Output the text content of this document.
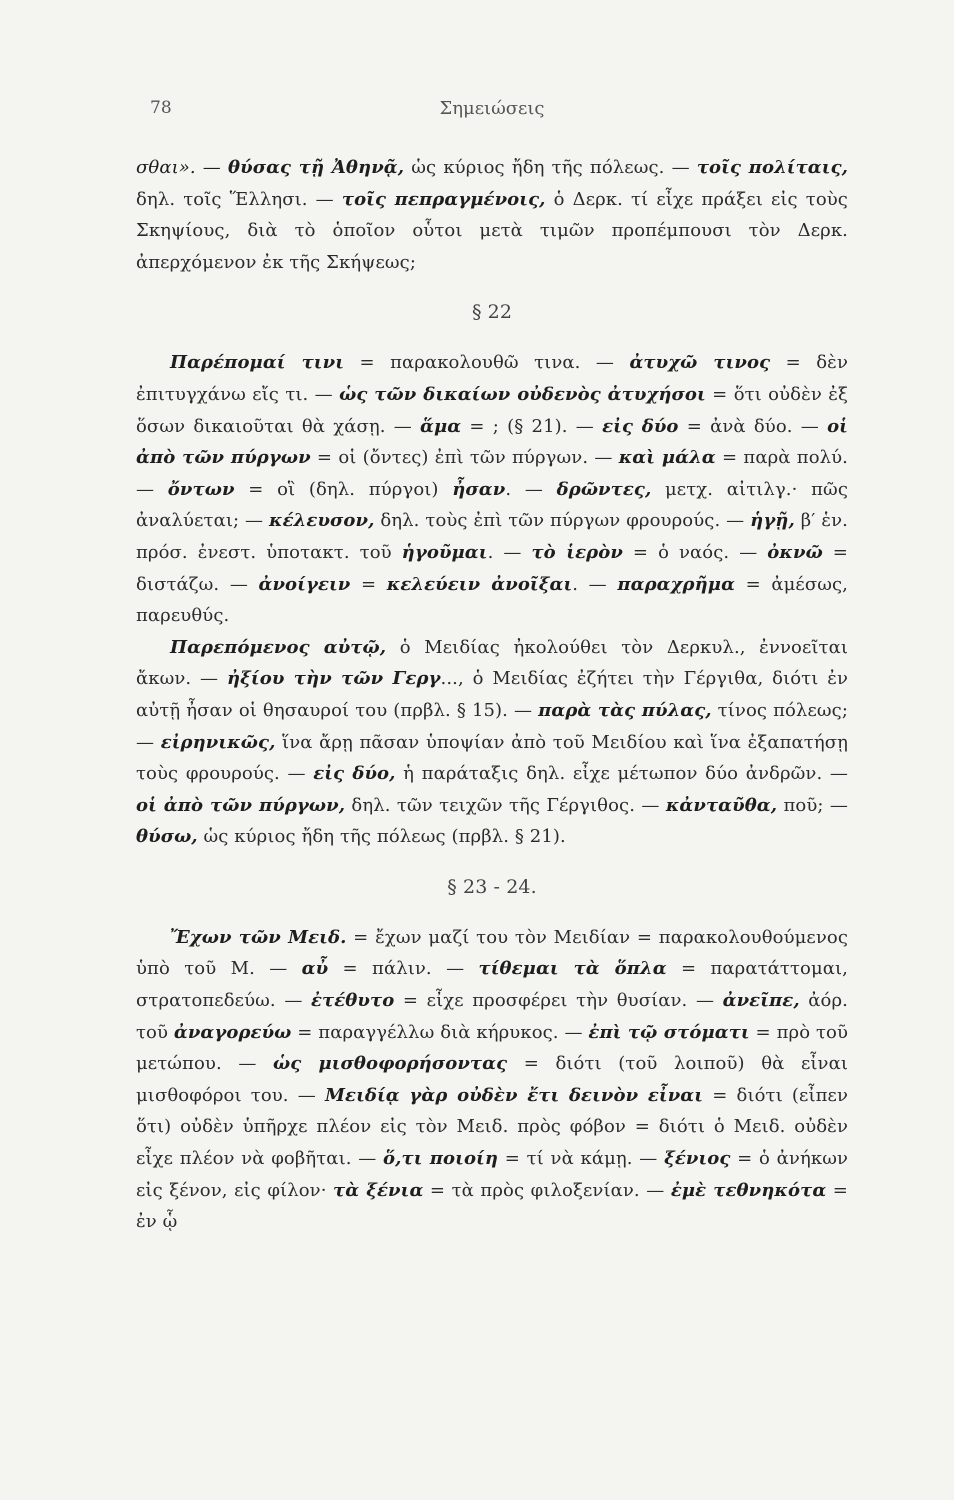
78	Σημειώσεις

σθαι». — θύσας τῇ Ἀθηνᾷ, ὡς κύριος ἤδη τῆς πόλεως. — τοῖς πολίταις, δηλ. τοῖς Ἕλλησι. — τοῖς πεπραγμένοις, ὁ Δερκ. τί εἶχε πράξει εἰς τοὺς Σκηψίους, διὰ τὸ ὁποῖον οὗτοι μετὰ τιμῶν προπέμπουσι τὸν Δερκ. ἀπερχόμενον ἐκ τῆς Σκήψεως;

§ 22

Παρέπομαί τινι = παρακολουθῶ τινα. — ἀτυχῶ τινος = δὲν ἐπιτυγχάνω εἴς τι. — ὡς τῶν δικαίων οὐδενὸς ἀτυχήσοι = ὅτι οὐδὲν ἐξ ὅσων δικαιοῦται θὰ χάσῃ. — ἅμα = ; (§ 21). — εἰς δύο = ἀνὰ δύο. — οἱ ἀπὸ τῶν πύργων = οἱ (ὄντες) ἐπὶ τῶν πύργων. — καὶ μάλα = παρὰ πολύ. — ὄντων = οἳ (δηλ. πύργοι) ἦσαν. — δρῶντες, μετχ. αἰτιλγ.· πῶς ἀναλύεται; — κέλευσον, δηλ. τοὺς ἐπὶ τῶν πύργων φρουρούς. — ἡγῇ, β′ ἑν. πρόσ. ἐνεστ. ὑποτακτ. τοῦ ἡγοῦμαι. — τὸ ἱερὸν = ὁ ναός. — ὀκνῶ = διστάζω. — ἀνοίγειν = κελεύειν ἀνοῖξαι. — παραχρῆμα = ἀμέσως, παρευθύς.

Παρεπόμενος αὐτῷ, ὁ Μειδίας ἠκολούθει τὸν Δερκυλ., ἐννοεῖται ἄκων. — ἠξίου τὴν τῶν Γεργ..., ὁ Μειδίας ἐζήτει τὴν Γέργιθα, διότι ἐν αὐτῇ ἦσαν οἱ θησαυροί του (πρβλ. § 15). — παρὰ τὰς πύλας, τίνος πόλεως; — εἰρηνικῶς, ἵνα ἄρῃ πᾶσαν ὑποψίαν ἀπὸ τοῦ Μειδίου καὶ ἵνα ἐξαπατήσῃ τοὺς φρουρούς. — εἰς δύο, ἡ παράταξις δηλ. εἶχε μέτωπον δύο ἀνδρῶν. — οἱ ἀπὸ τῶν πύργων, δηλ. τῶν τειχῶν τῆς Γέργιθος. — κἀνταῦθα, ποῦ; — θύσω, ὡς κύριος ἤδη τῆς πόλεως (πρβλ. § 21).

§ 23 - 24.

Ἔχων τῶν Μειδ. = ἔχων μαζί του τὸν Μειδίαν = παρακολουθούμενος ὑπὸ τοῦ Μ. — αὖ = πάλιν. — τίθεμαι τὰ ὅπλα = παρατάττομαι, στρατοπεδεύω. — ἐτέθυτο = εἶχε προσφέρει τὴν θυσίαν. — ἀνεῖπε, ἀόρ. τοῦ ἀναγορεύω = παραγγέλλω διὰ κήρυκος. — ἐπὶ τῷ στόματι = πρὸ τοῦ μετώπου. — ὡς μισθοφορήσοντας = διότι (τοῦ λοιποῦ) θὰ εἶναι μισθοφόροι του. — Μειδίᾳ γὰρ οὐδὲν ἔτι δεινὸν εἶναι = διότι (εἶπεν ὅτι) οὐδὲν ὑπῆρχε πλέον εἰς τὸν Μειδ. πρὸς φόβον = διότι ὁ Μειδ. οὐδὲν εἶχε πλέον νὰ φοβῆται. — ὅ,τι ποιοίη = τί νὰ κάμῃ. — ξένιος = ὁ ἀνήκων εἰς ξένον, εἰς φίλον· τὰ ξένια = τὰ πρὸς φιλοξενίαν. — ἐμὲ τεθνηκότα = ἐν ᾧ
